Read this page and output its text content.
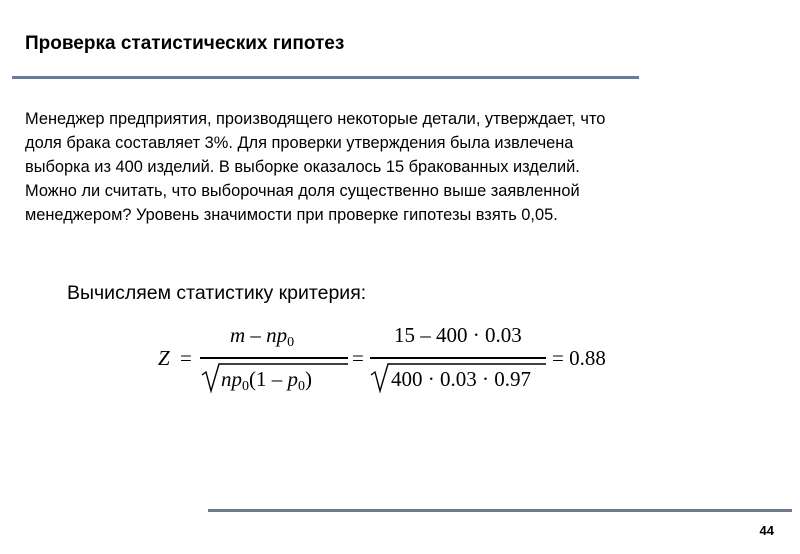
Проверка статистических гипотез
Менеджер предприятия, производящего некоторые детали, утверждает, что
доля брака составляет 3%. Для проверки утверждения была извлечена
выборка из 400 изделий. В выборке оказалось 15 бракованных изделий.
Можно ли считать, что выборочная доля существенно выше заявленной
менеджером? Уровень значимости при проверке гипотезы взять 0,05.
Вычисляем статистику критерия:
Z =
m – $np_0$
$np_0(1 - p_0)$
=
15 – 400 · 0.03
400 · 0.03 · 0.97
= 0.88
44
